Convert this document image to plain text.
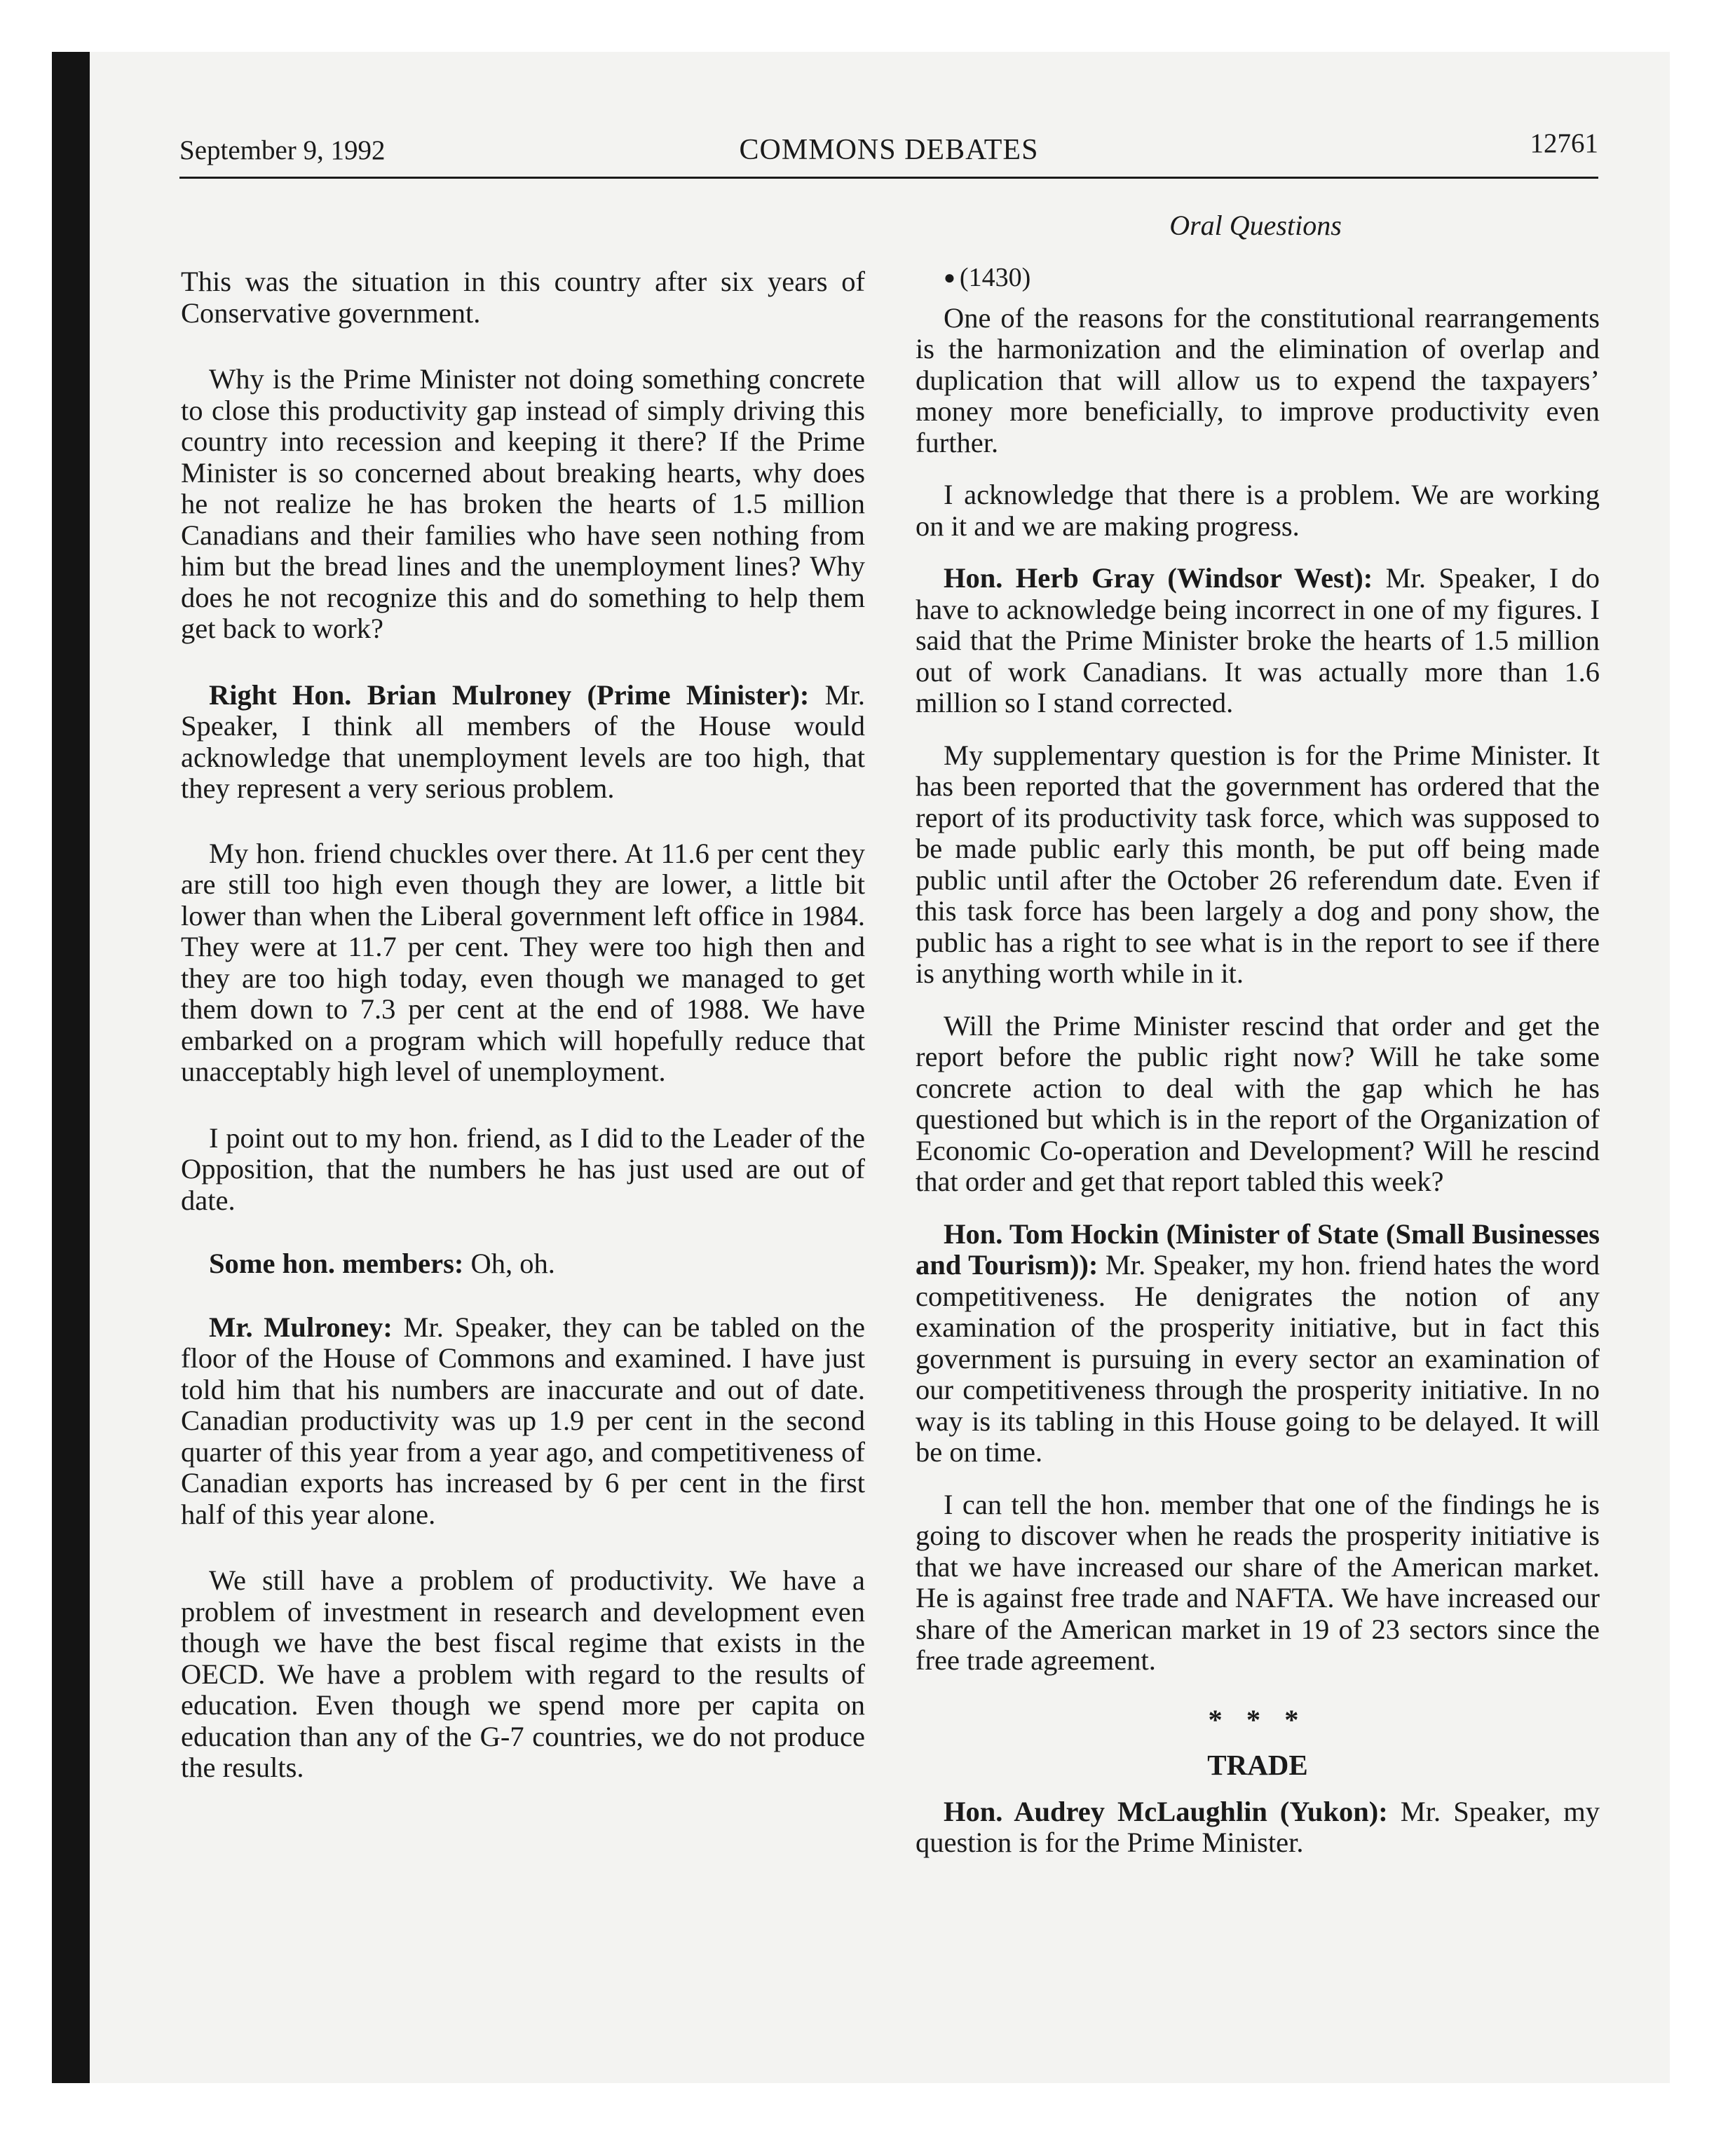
September 9, 1992	COMMONS DEBATES	12761
Oral Questions

This was the situation in this country after six years of Conservative government.

Why is the Prime Minister not doing something concrete to close this productivity gap instead of simply driving this country into recession and keeping it there? If the Prime Minister is so concerned about breaking hearts, why does he not realize he has broken the hearts of 1.5 million Canadians and their families who have seen nothing from him but the bread lines and the unemployment lines? Why does he not recognize this and do something to help them get back to work?

Right Hon. Brian Mulroney (Prime Minister): Mr. Speaker, I think all members of the House would acknowledge that unemployment levels are too high, that they represent a very serious problem.

My hon. friend chuckles over there. At 11.6 per cent they are still too high even though they are lower, a little bit lower than when the Liberal government left office in 1984. They were at 11.7 per cent. They were too high then and they are too high today, even though we managed to get them down to 7.3 per cent at the end of 1988. We have embarked on a program which will hopefully reduce that unacceptably high level of unemployment.

I point out to my hon. friend, as I did to the Leader of the Opposition, that the numbers he has just used are out of date.

Some hon. members: Oh, oh.

Mr. Mulroney: Mr. Speaker, they can be tabled on the floor of the House of Commons and examined. I have just told him that his numbers are inaccurate and out of date. Canadian productivity was up 1.9 per cent in the second quarter of this year from a year ago, and competitiveness of Canadian exports has increased by 6 per cent in the first half of this year alone.

We still have a problem of productivity. We have a problem of investment in research and development even though we have the best fiscal regime that exists in the OECD. We have a problem with regard to the results of education. Even though we spend more per capita on education than any of the G-7 countries, we do not produce the results.

● (1430)

One of the reasons for the constitutional rearrangements is the harmonization and the elimination of overlap and duplication that will allow us to expend the taxpayers’ money more beneficially, to improve productivity even further.

I acknowledge that there is a problem. We are working on it and we are making progress.

Hon. Herb Gray (Windsor West): Mr. Speaker, I do have to acknowledge being incorrect in one of my figures. I said that the Prime Minister broke the hearts of 1.5 million out of work Canadians. It was actually more than 1.6 million so I stand corrected.

My supplementary question is for the Prime Minister. It has been reported that the government has ordered that the report of its productivity task force, which was supposed to be made public early this month, be put off being made public until after the October 26 referendum date. Even if this task force has been largely a dog and pony show, the public has a right to see what is in the report to see if there is anything worth while in it.

Will the Prime Minister rescind that order and get the report before the public right now? Will he take some concrete action to deal with the gap which he has questioned but which is in the report of the Organization of Economic Co-operation and Development? Will he rescind that order and get that report tabled this week?

Hon. Tom Hockin (Minister of State (Small Businesses and Tourism)): Mr. Speaker, my hon. friend hates the word competitiveness. He denigrates the notion of any examination of the prosperity initiative, but in fact this government is pursuing in every sector an examination of our competitiveness through the prosperity initiative. In no way is its tabling in this House going to be delayed. It will be on time.

I can tell the hon. member that one of the findings he is going to discover when he reads the prosperity initiative is that we have increased our share of the American market. He is against free trade and NAFTA. We have increased our share of the American market in 19 of 23 sectors since the free trade agreement.

* * *

TRADE

Hon. Audrey McLaughlin (Yukon): Mr. Speaker, my question is for the Prime Minister.
